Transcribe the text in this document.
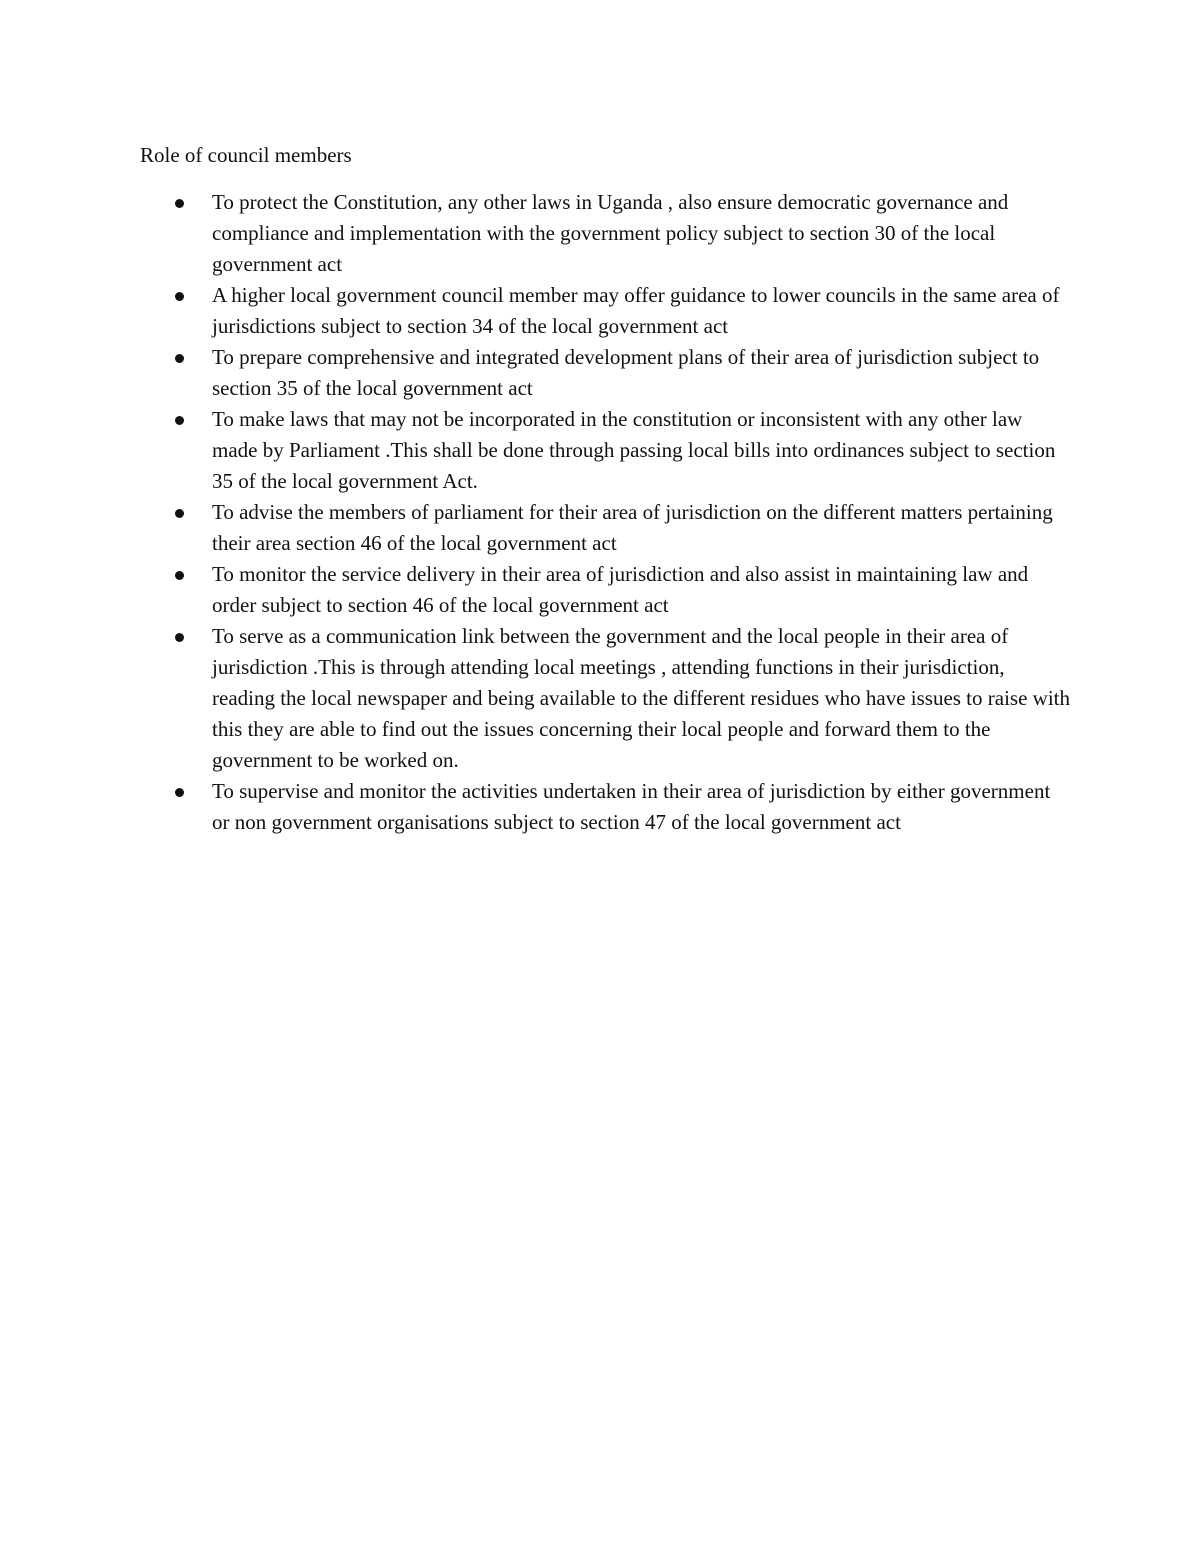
Role of council members
To protect the Constitution, any other laws in Uganda , also ensure democratic governance and compliance and implementation with the government policy subject to section 30 of the local government act
A higher local government council member may offer guidance to lower councils in the same area of jurisdictions subject to section 34 of the local government act
To prepare comprehensive and integrated development plans of their area of jurisdiction subject to section 35 of the local government act
To make laws that may not be incorporated in the constitution or inconsistent with any other law made by Parliament .This shall be done through passing local bills into ordinances subject to section 35 of the local government Act.
To advise the members of parliament for their area of jurisdiction on the different matters pertaining their area section 46 of the local government act
To monitor the service delivery in their area of jurisdiction and also assist in maintaining law and order subject to section 46 of the local government act
To serve as a communication link between the government and the local people in their area of jurisdiction .This is through attending local meetings , attending functions in their jurisdiction, reading the local newspaper and being available to the different residues who have issues to raise with this they are able to find out the issues concerning their local people and forward them to the government to be worked on.
To supervise and monitor the activities undertaken in their area of jurisdiction by either government or non government organisations subject to section 47 of the local government act
